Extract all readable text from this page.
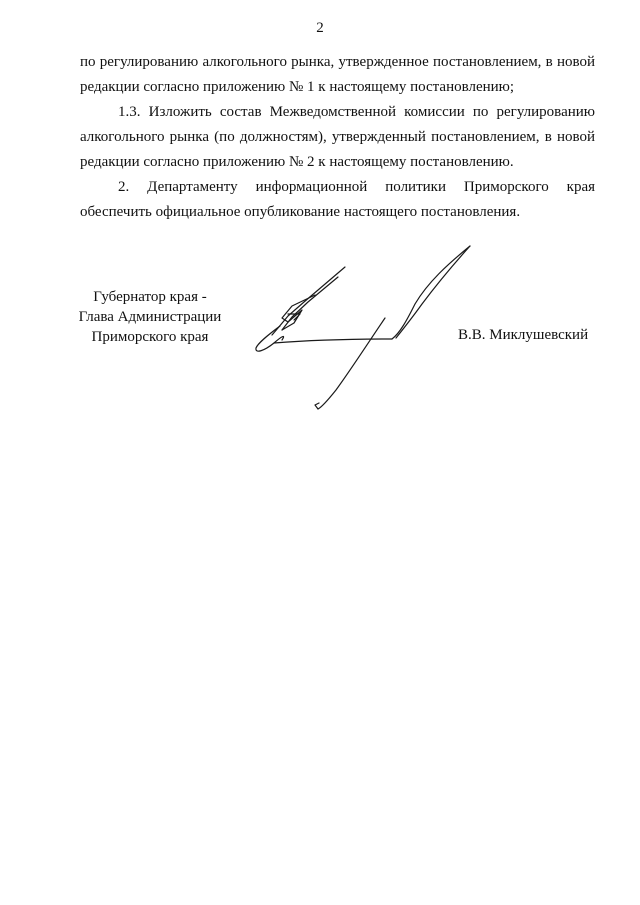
2
по регулированию алкогольного рынка, утвержденное постановлением, в новой
редакции согласно приложению № 1 к настоящему постановлению;
1.3. Изложить состав Межведомственной комиссии по регулированию
алкогольного рынка (по должностям), утвержденный постановлением, в новой
редакции согласно приложению № 2 к настоящему постановлению.
2. Департаменту информационной политики Приморского края
обеспечить официальное опубликование настоящего постановления.
Губернатор края -
Глава Администрации
Приморского края	В.В. Миклушевский
